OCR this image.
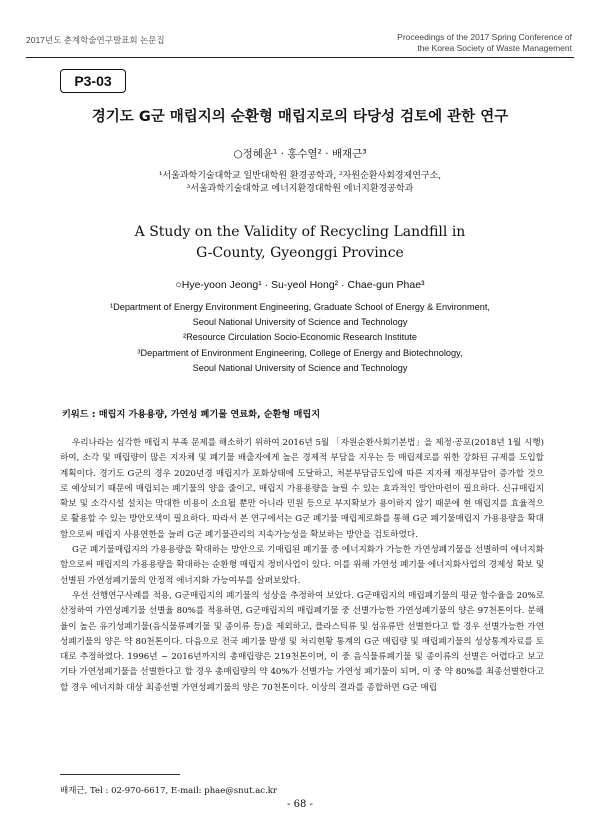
2017년도 춘계학술연구발표회 논문집	Proceedings of the 2017 Spring Conference of
the Korea Society of Waste Management
P3-03
경기도 G군 매립지의 순환형 매립지로의 타당성 검토에 관한 연구
○정혜윤¹ · 홍수열² · 배재근³
¹서울과학기술대학교 일반대학원 환경공학과, ²자원순환사회경제연구소,
³서울과학기술대학교 에너지환경대학원 에너지환경공학과
A Study on the Validity of Recycling Landfill in
G-County, Gyeonggi Province
○Hye-yoon Jeong¹ · Su-yeol Hong² · Chae-gun Phae³
¹Department of Energy Environment Engineering, Graduate School of Energy & Environment,
Seoul National University of Science and Technology
²Resource Circulation Socio-Economic Research Institute
³Department of Environment Engineering, College of Energy and Biotechnology,
Seoul National University of Science and Technology
키워드 : 매립지 가용용량, 가연성 폐기물 연료화, 순환형 매립지

우리나라는 심각한 매립지 부족 문제를 해소하기 위하여 2016년 5월 「자원순환사회기본법」을 제정·공포(2018년 1월 시행)하여, 소각 및 매립량이 많은 지자체 및 폐기물 배출자에게 높은 경제적 부담을 지우는 등 매립제로를 위한 강화된 규제를 도입할 계획이다. 경기도 G군의 경우 2020년경 매립지가 포화상태에 도달하고, 처분부담금도입에 따른 지자체 재정부담이 증가할 것으로 예상되기 때문에 매립되는 폐기물의 양을 줄이고, 매립지 가용용량을 늘릴 수 있는 효과적인 방안마련이 필요하다. 신규매립지 확보 및 소각시설 설치는 막대한 비용이 소요될 뿐만 아니라 민원 등으로 부지확보가 용이하지 않기 때문에 현 매립지를 효율적으로 활용할 수 있는 방안모색이 필요하다. 따라서 본 연구에서는 G군 폐기물 매립제로화를 통해 G군 폐기물매립지 가용용량을 확대함으로써 매립지 사용연한을 늘려 G군 폐기물관리의 지속가능성을 확보하는 방안을 검토하였다.

G군 폐기물매립지의 가용용량을 확대하는 방안으로 기매립된 폐기물 중 에너지화가 가능한 가연성폐기물을 선별하여 에너지화함으로써 매립지의 가용용량을 확대하는 순환형 매립지 정비사업이 있다. 이를 위해 가연성 폐기물 에너지화사업의 경제성 확보 및 선별된 가연성폐기물의 안정적 에너지화 가능여부를 살펴보았다.

우선 선행연구사례를 적용, G군매립지의 폐기물의 성상을 추정하여 보았다. G군매립지의 매립폐기물의 평균 함수율을 20%로 산정하여 가연성폐기물 선별율 80%를 적용하면, G군매립지의 매립폐기물 중 선별가능한 가연성폐기물의 양은 97천톤이다. 분해율이 높은 유기성폐기물(음식물류폐기물 및 종이류 등)을 제외하고, 플라스틱류 및 섬유류만 선별한다고 할 경우 선별가능한 가연성폐기물의 양은 약 80천톤이다. 다음으로 전국 폐기물 발생 및 처리현황 통계의 G군 매립량 및 매립폐기물의 성상통계자료를 토대로 추정하였다. 1996년 ~ 2016년까지의 총매립량은 219천톤이며, 이 중 음식물류폐기물 및 종이류의 선별은 어렵다고 보고 기타 가연성폐기물을 선별한다고 할 경우 총매립량의 약 40%가 선별가능 가연성 폐기물이 되며, 이 중 약 80%를 최종선별한다고 할 경우 에너지화 대상 최종선별 가연성폐기물의 양은 70천톤이다. 이상의 결과를 종합하면 G군 매립

배재근, Tel : 02-970-6617, E-mail: phae@snut.ac.kr
- 68 -
